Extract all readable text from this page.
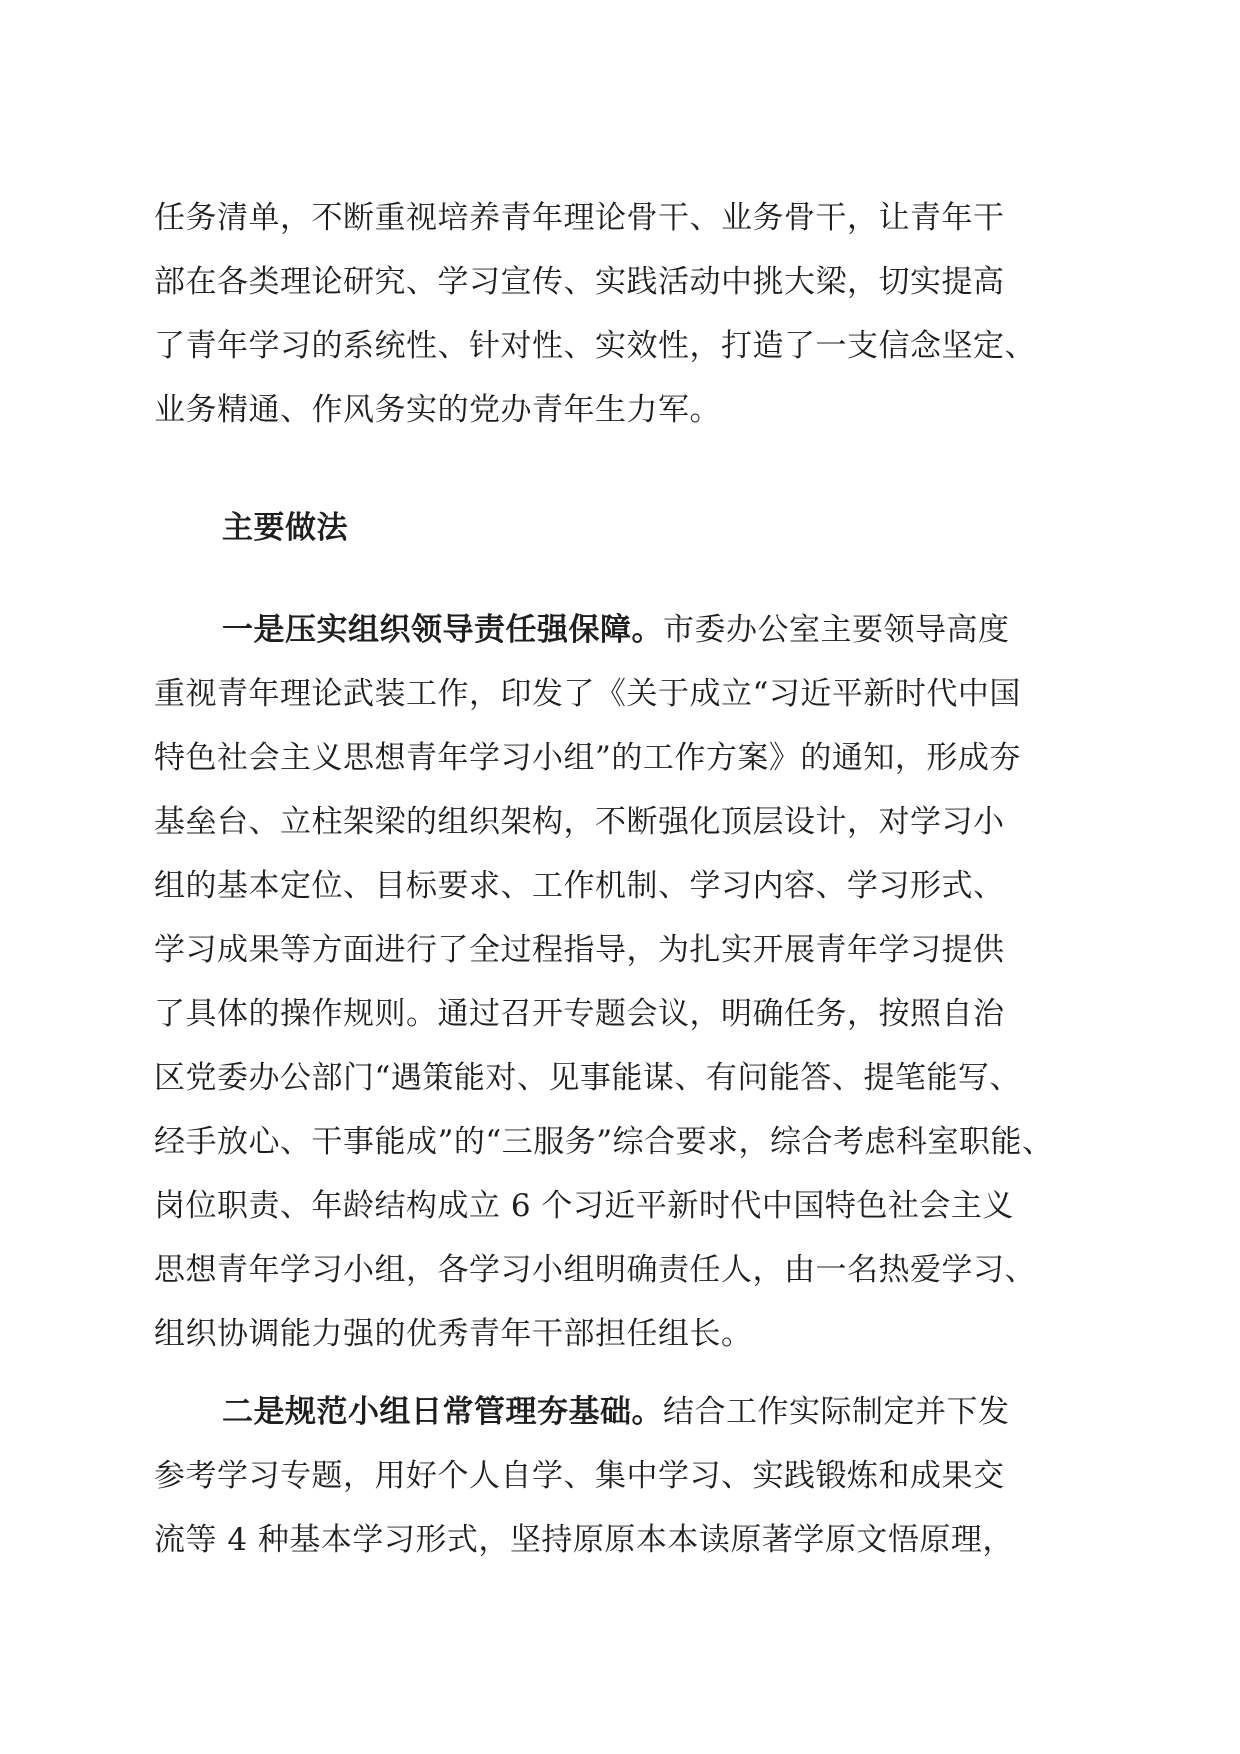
任务清单，不断重视培养青年理论骨干、业务骨干，让青年干
部在各类理论研究、学习宣传、实践活动中挑大梁，切实提高
了青年学习的系统性、针对性、实效性，打造了一支信念坚定、
业务精通、作风务实的党办青年生力军。
主要做法
一是压实组织领导责任强保障。市委办公室主要领导高度
重视青年理论武装工作，印发了《关于成立“习近平新时代中国
特色社会主义思想青年学习小组”的工作方案》的通知，形成夯
基垒台、立柱架梁的组织架构，不断强化顶层设计，对学习小
组的基本定位、目标要求、工作机制、学习内容、学习形式、
学习成果等方面进行了全过程指导，为扎实开展青年学习提供
了具体的操作规则。通过召开专题会议，明确任务，按照自治
区党委办公部门“遇策能对、见事能谋、有问能答、提笔能写、
经手放心、干事能成”的“三服务”综合要求，综合考虑科室职能、
岗位职责、年龄结构成立 6 个习近平新时代中国特色社会主义
思想青年学习小组，各学习小组明确责任人，由一名热爱学习、
组织协调能力强的优秀青年干部担任组长。
二是规范小组日常管理夯基础。结合工作实际制定并下发
参考学习专题，用好个人自学、集中学习、实践锻炼和成果交
流等 4 种基本学习形式，坚持原原本本读原著学原文悟原理，
